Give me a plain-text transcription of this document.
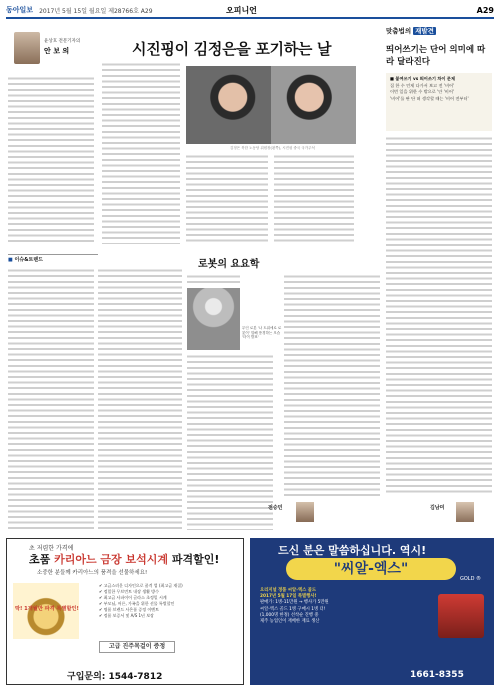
동아일보 2017년 5월 15일 월요일 제28766호 A29	오피니언	A29
윤상호 전문기자의
안 보 의	시진핑이 김정은을 포기하는 날
김정은 북한 노동당 위원장(왼쪽), 시진핑 중국 국가주석
맞춤법의 재발견
띄어쓰기는 단어 의미에 따라 달라진다
■ 붙여쓰기 vs 띄어쓰기 차이 문제
집 한 수 언제 다가서 보고 전 '비어'
이번 일을 위한 수 밖으로 '안 '비어'
'비어'를 판 단 떠 생각할 때는 '비어 전부터'
김남미
■ 이슈&트렌드	로봇의 요요학
무인 로봇 '나 트위에로 로봇이' 말해 풍경하는 모습 '더이 발표'
전승민
초 저렴한 가격에
초품 카리아느 금장 보석시계 파격할인!
소중한 분들께 카리아느의 품격을 선물하세요!
딱! 1개월만 파격 특별할인!
✔ 고급스러운 디자인으로 품격 업 (최고급 재질)
✔ 정밀한 무브먼트 내장 생활 방수
✔ 최고급 사파이어 글라스 초정밀 시계
✔ 부모님, 어른, 가족을 위한 선물 특별할인
✔ 명품 브랜드 사은품 증정 이벤트
✔ 정품 보증서 및 A/S 1년 보장
고급 진주목걸이 증정
구입문의: 1544-7812
드신 분은 말씀하십니다. 역시!
"씨알-엑스"
GOLD ®
오리지널 정품 씨알-엑스 골드
2017년 5월 17일 특별행사!
판매가: 1병-11만원 → 행사가 5만원
씨알-엑스 골드 1병 구매시 1병 더!
(1,000명 한정) 선착순 진행 중
제주 농업인이 재배한 재료 생산
1661-8355
